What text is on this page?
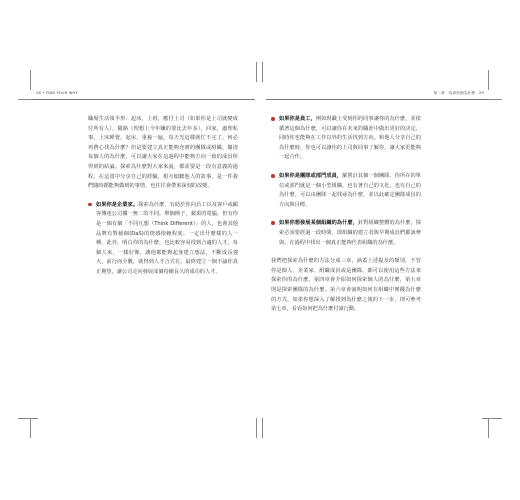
28 • FIND YOUR WHY	第二章　找尋你個為什麼：29

職場生活領半形：起床，上班，應付上司（如果你是上司就變成付所有人），隨路（理想上今年賺的要比去年多），回家，處理私事，上床睡覺。起床，重複一遍。每天光這樣就忙不完了，何必再費心找為什麼？但是要建立真正能夠充實的團隊或組織，釐清每個人的為什麼，可以讓大家在這過程中能夠方向一致的成員所得到的結論。探索為什麼對大家來說，都需要是一段有意義的過程。在這當中分享自己的經驗，相互傾聽他人的故事，是一件我們隨時都能夠做到的事情，也往往會帶來深刻的改變。

如果你是企業家。探索為什麼，有助於你向員工以及客戶或顧客傳達公司獨一無二的不同。舉個例子，蘋果的電腦，但有你是一個有個「不同凡想（Think Different）」的人，也會其他品牌有對截個(DaS)的情感依賴程度。一定出什麼樣的人一種，此外，明白你的為什麼，也比較容易找到合適的人才。每個人來，一樣好像，讓他都能夠起身建立想法，不斷成長強大，前行而全數，就得到人才合式在。最終建立一個不論你真正期望，讓公司走向發展成個持續長久的成功的人才。
如果你是員工，例如現職上受到你的同事讓你的為什麼，並依循著這個為什麼，可以讓你在未來的職涯中做出更好的決定，同時你也能夠在工作以外的生活找到方向。和他人分享自己的為什麼時，你也可以讓你的上司與同事了解你，讓大家更能夠一起合作。
如果你是團隊或部門成員，羅嘗計其個一個團隊，你所在的單位或部門就是一個小型組織，也有著自己的文化，也有自己的為什麼。可以由團隊一起找尋為什麼，並以此確定團隊成員的方向與目標。
如果你想發展某個組織的為什麼，針對組織整體的為什麼，探索必須要經過一段時間，即組織的建立者與早期成員們都該參與，在過程中找出一個真正能夠代表組織的為什麼。

我們把探索為什麼的方法分成三章，涵蓋上述提及的類別，不管你是個人、企業家、組織成員或是團隊，都可以使用這些方法來探索你的為什麼。第四章會介紹如何探索個人的為什麼，第五章則是探索團隊的為什麼。第六章會說明如何在組織中實踐為什麼的方式。如果你想深入了解找到為什麼之後的下一步，則可參考第七章，看看如何把為什麼付諸行動。
